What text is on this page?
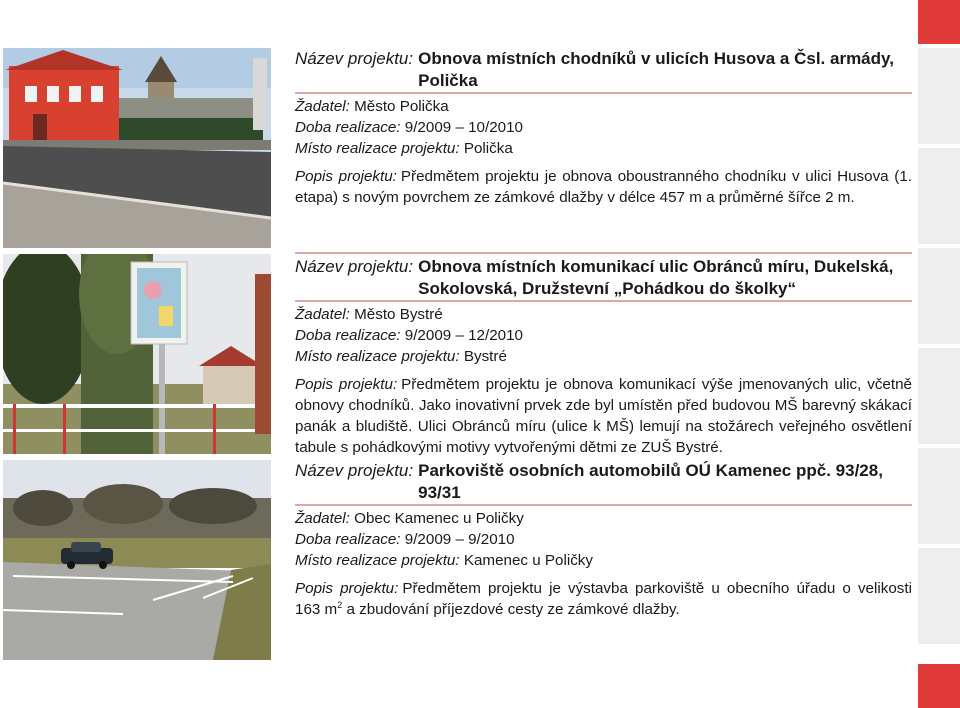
Název projektu: Obnova místních chodníků v ulicích Husova a Čsl. armády, Polička
Žadatel: Město Polička
Doba realizace: 9/2009 – 10/2010
Místo realizace projektu: Polička

Popis projektu: Předmětem projektu je obnova oboustranného chodníku v ulici Husova (1. etapa) s novým povrchem ze zámkové dlažby v délce 457 m a průměrné šířce 2 m.

Název projektu: Obnova místních komunikací ulic Obránců míru, Dukelská, Sokolovská, Družstevní „Pohádkou do školky“
Žadatel: Město Bystré
Doba realizace: 9/2009 – 12/2010
Místo realizace projektu: Bystré

Popis projektu: Předmětem projektu je obnova komunikací výše jmenovaných ulic, včetně obnovy chodníků. Jako inovativní prvek zde byl umístěn před budovou MŠ barevný skákací panák a bludiště. Ulici Obránců míru (ulice k MŠ) lemují na stožárech veřejného osvětlení tabule s pohádkovými motivy vytvořenými dětmi ze ZUŠ Bystré.

Název projektu: Parkoviště osobních automobilů OÚ Kamenec ppč. 93/28, 93/31
Žadatel: Obec Kamenec u Poličky
Doba realizace: 9/2009 – 9/2010
Místo realizace projektu: Kamenec u Poličky

Popis projektu: Předmětem projektu je výstavba parkoviště u obecního úřadu o velikosti 163 $m^2$ a zbudování příjezdové cesty ze zámkové dlažby.
